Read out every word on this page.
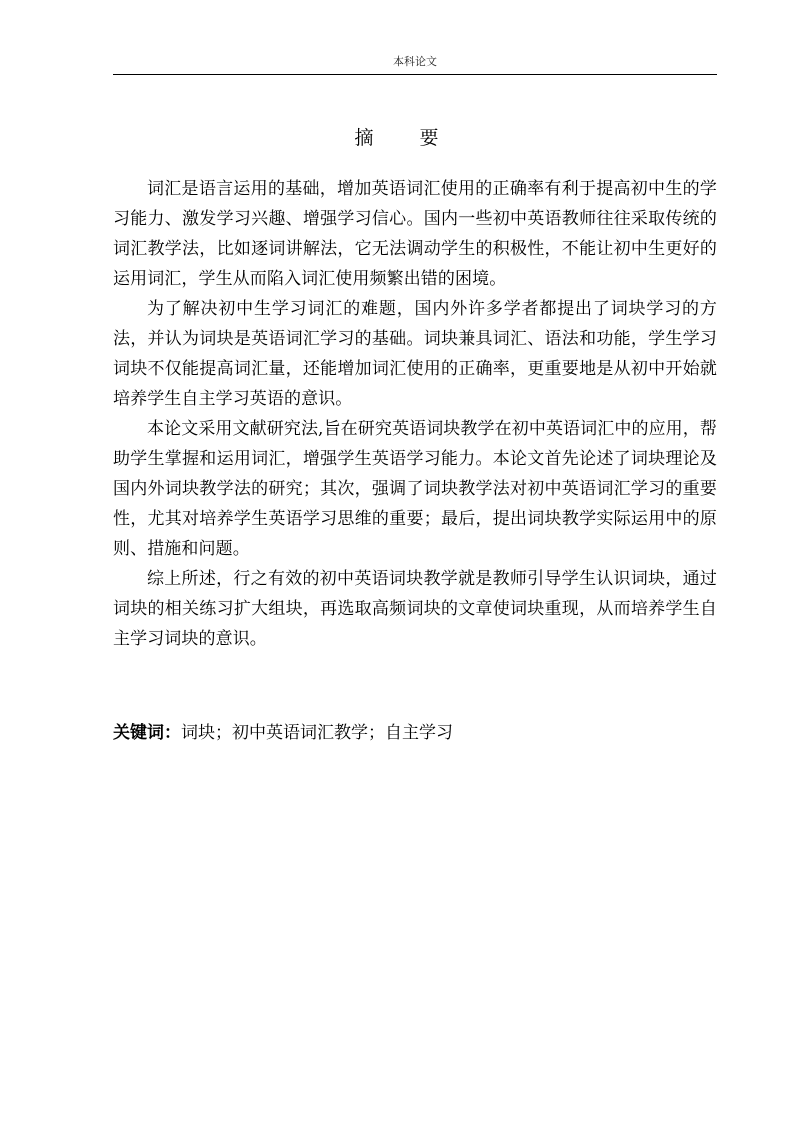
本科论文
摘 要

词汇是语言运用的基础，增加英语词汇使用的正确率有利于提高初中生的学习能力、激发学习兴趣、增强学习信心。国内一些初中英语教师往往采取传统的词汇教学法，比如逐词讲解法，它无法调动学生的积极性，不能让初中生更好的运用词汇，学生从而陷入词汇使用频繁出错的困境。

为了解决初中生学习词汇的难题，国内外许多学者都提出了词块学习的方法，并认为词块是英语词汇学习的基础。词块兼具词汇、语法和功能，学生学习词块不仅能提高词汇量，还能增加词汇使用的正确率，更重要地是从初中开始就培养学生自主学习英语的意识。

本论文采用文献研究法,旨在研究英语词块教学在初中英语词汇中的应用，帮助学生掌握和运用词汇，增强学生英语学习能力。本论文首先论述了词块理论及国内外词块教学法的研究；其次，强调了词块教学法对初中英语词汇学习的重要性，尤其对培养学生英语学习思维的重要；最后，提出词块教学实际运用中的原则、措施和问题。

综上所述，行之有效的初中英语词块教学就是教师引导学生认识词块，通过词块的相关练习扩大组块，再选取高频词块的文章使词块重现，从而培养学生自主学习词块的意识。

关键词：词块；初中英语词汇教学；自主学习
